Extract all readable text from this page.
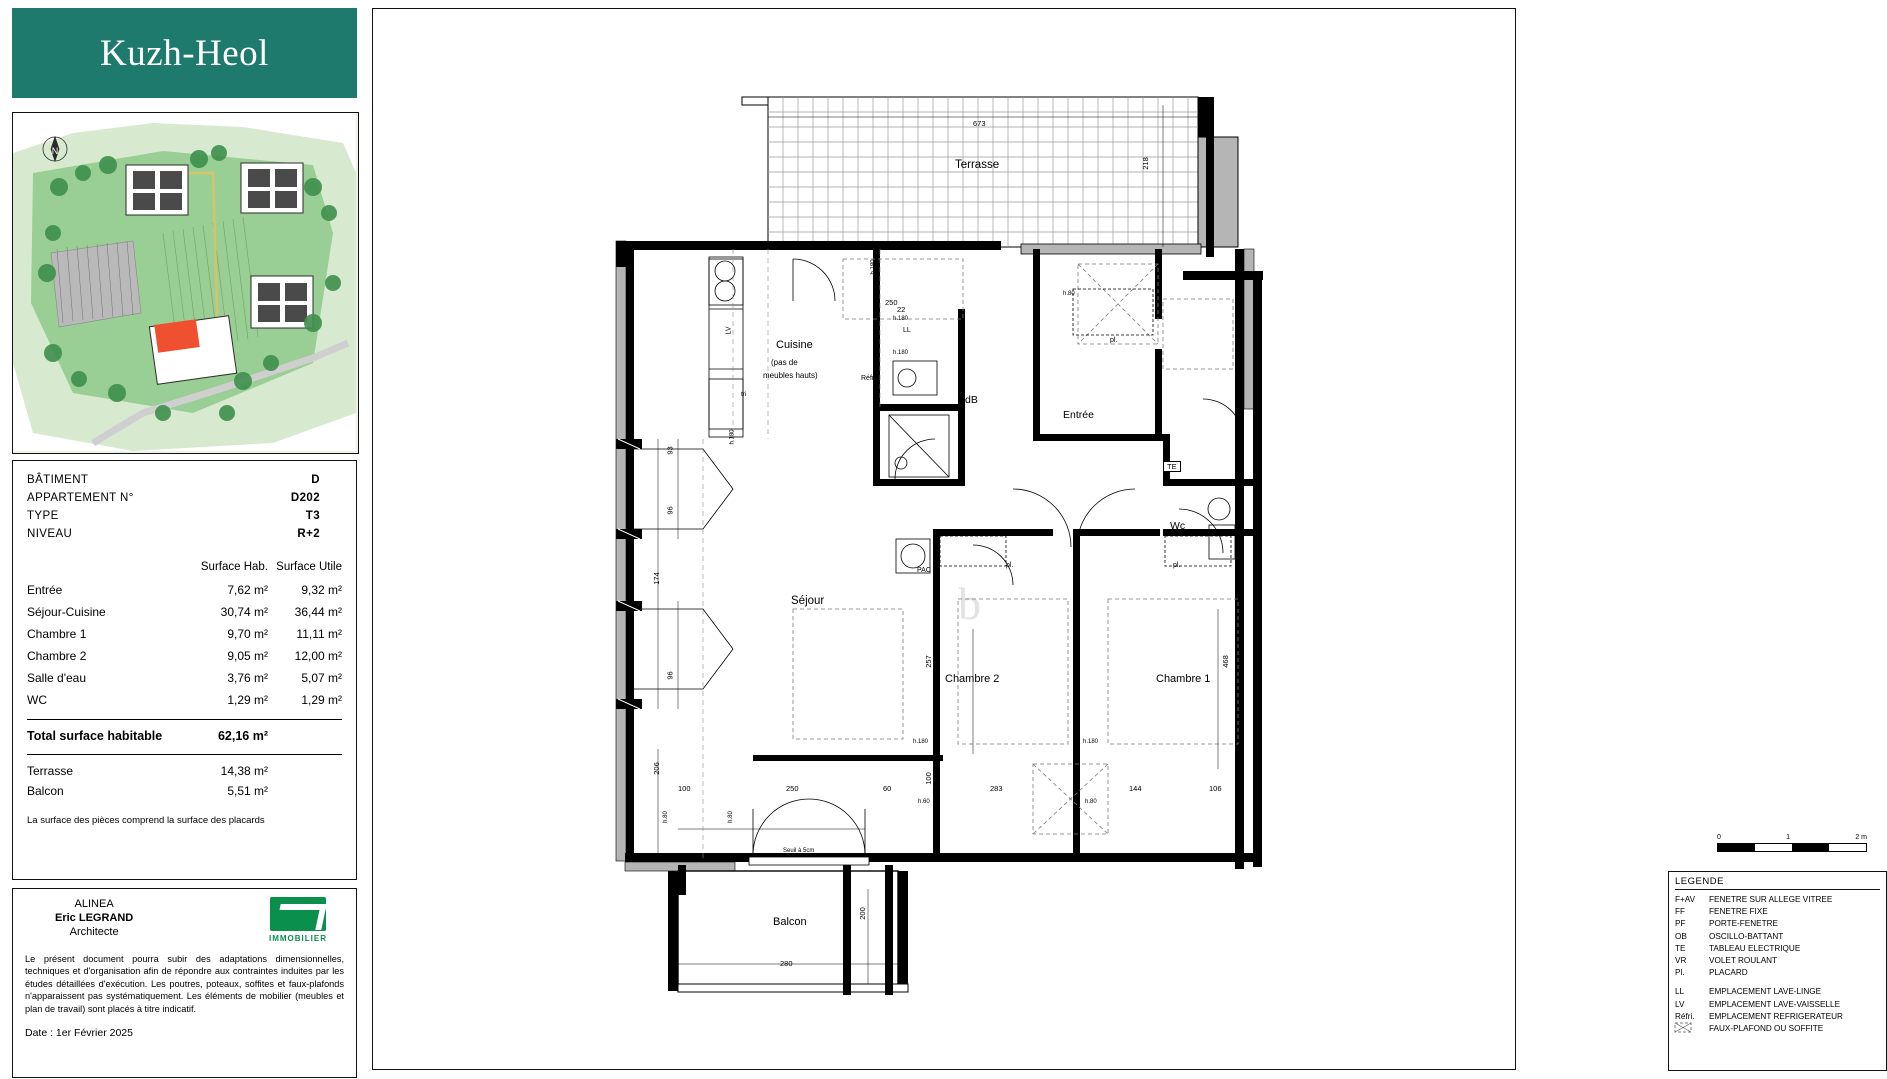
Kuzh-Heol
N
BÂTIMENT	D
APPARTEMENT N°	D202
TYPE	T3
NIVEAU	R+2
	Surface Hab.	Surface Utile
Entrée	7,62 m²	9,32 m²
Séjour-Cuisine	30,74 m²	36,44 m²
Chambre 1	9,70 m²	11,11 m²
Chambre 2	9,05 m²	12,00 m²
Salle d'eau	3,76 m²	5,07 m²
WC	1,29 m²	1,29 m²
Total surface habitable	62,16 m²
Terrasse	14,38 m²
Balcon	5,51 m²
La surface des pièces comprend la surface des placards
ALINEA
Eric LEGRAND
Architecte
IMMOBILIER
Le présent document pourra subir des adaptations dimensionnelles, techniques et d'organisation afin de répondre aux contraintes induites par les études détaillées d'exécution. Les poutres, poteaux, soffites et faux-plafonds n'apparaissent pas systématiquement. Les éléments de mobilier (meubles et plan de travail) sont placés à titre indicatif.
Date : 1er Février 2025
b
Terrasse
673
218
Cuisine
(pas de
meubles hauts)
SdB
Entrée
Wc
Séjour
Chambre 2	Chambre 1
Balcon
PAC
TE
LV	LL
Réfri.
pl.	pl.
pl.
tri
Seuil à 25cm
Seuil à 5cm
250
22
93
96
174
96
206
100	250	60
100
283	144	106
257	468
200
280
h.180
h.180
h.180
h.80
h.180
h.80	h.80
h.180	h.180
h.60	h.80
0	1	2 m
Echelle
LEGENDE
F+AV	FENETRE SUR ALLEGE VITREE
FF	FENETRE FIXE
PF	PORTE-FENETRE
OB	OSCILLO-BATTANT
TE	TABLEAU ELECTRIQUE
VR	VOLET ROULANT
Pl.	PLACARD
LL	EMPLACEMENT LAVE-LINGE
LV	EMPLACEMENT LAVE-VAISSELLE
Réfri.	EMPLACEMENT REFRIGERATEUR
FAUX-PLAFOND OU SOFFITE
